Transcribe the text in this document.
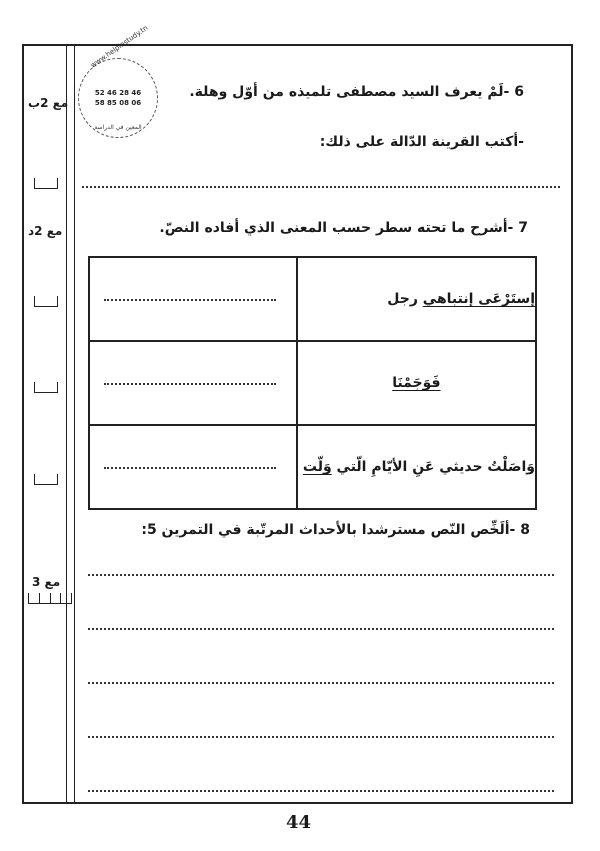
مع 2ب
مع 2د
مع 3
www.helpinstudy.tn
52 46 28 46
58 85 08 06
المعين في الدراسة
6 -لَمْ يعرف السيد مصطفى تلميذه من أوّل وهلة.
-أكتب القرينة الدّالة على ذلك:
7 -أشرح ما تحته سطر حسب المعنى الذي أفاده النصّ.
	إستَرْعَى إنتباهي رجل

	فَوَجَمْنَا

	وَاصَلْتُ حديثي عَنِ الأيّامِ الّتي وَلّت
8 -ألَخِّص النّص مسترشدا بالأحداث المرتّبة في التمرين 5:
44
